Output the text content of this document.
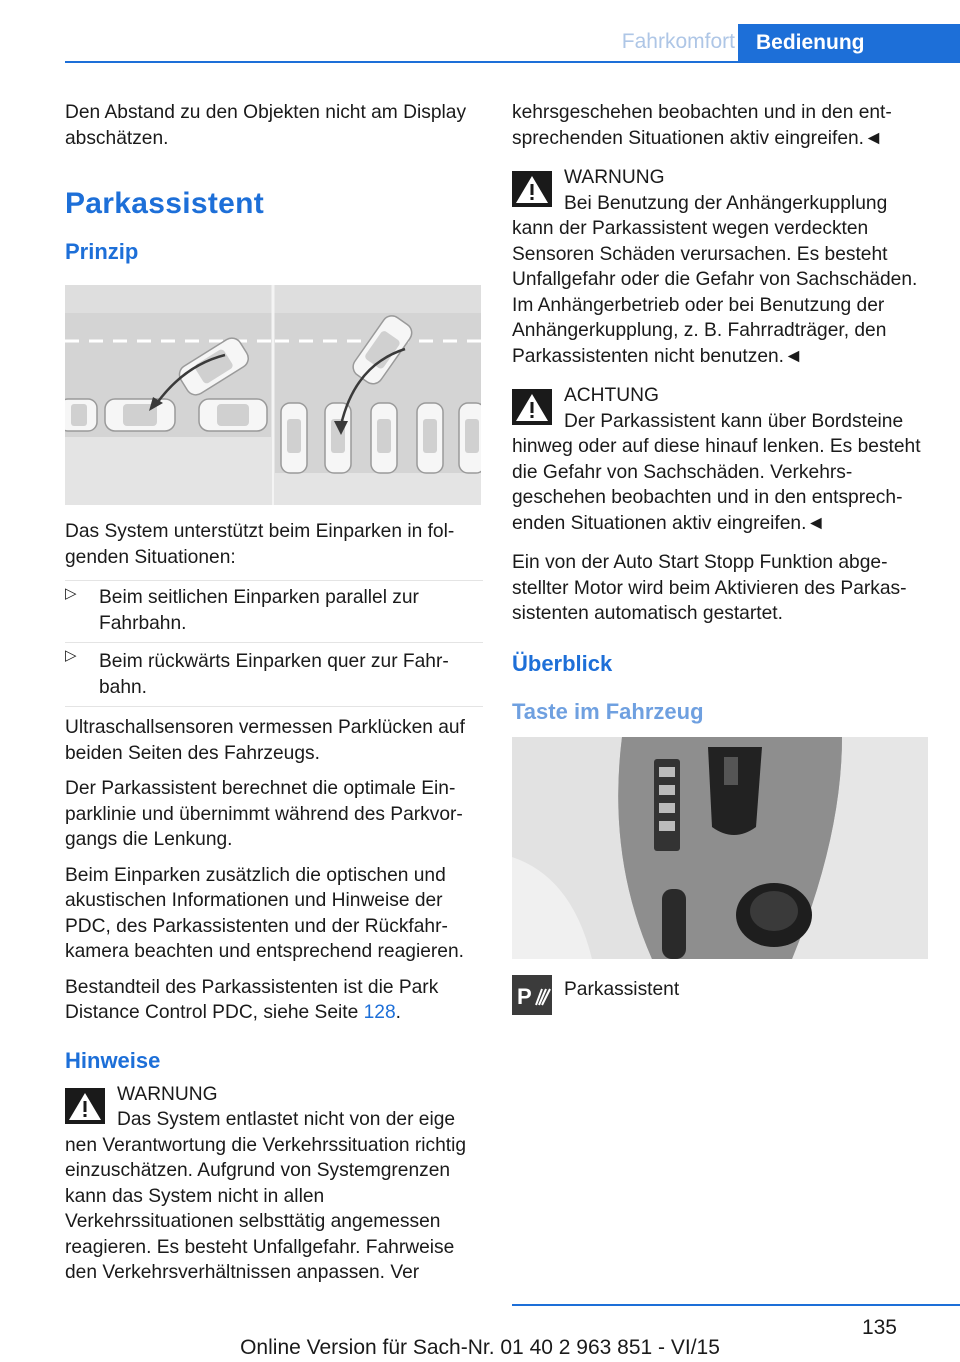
Fahrkomfort	Bedienung

Den Abstand zu den Objekten nicht am Display abschätzen.

Parkassistent
Prinzip

Das System unterstützt beim Einparken in folgenden Situationen:

▷ Beim seitlichen Einparken parallel zur Fahrbahn.
▷ Beim rückwärts Einparken quer zur Fahrbahn.

Ultraschallsensoren vermessen Parklücken auf beiden Seiten des Fahrzeugs.

Der Parkassistent berechnet die optimale Einparklinie und übernimmt während des Parkvorgangs die Lenkung.

Beim Einparken zusätzlich die optischen und akustischen Informationen und Hinweise der PDC, des Parkassistenten und der Rückfahrkamera beachten und entsprechend reagieren.

Bestandteil des Parkassistenten ist die Park Distance Control PDC, siehe Seite 128.

Hinweise
WARNUNG
Das System entlastet nicht von der eige
nen Verantwortung die Verkehrssituation richtig einzuschätzen. Aufgrund von Systemgrenzen kann das System nicht in allen Verkehrssituationen selbsttätig angemessen reagieren. Es besteht Unfallgefahr. Fahrweise den Verkehrsverhältnissen anpassen. Ver

kehrsgeschehen beobachten und in den entsprechenden Situationen aktiv eingreifen.◄

WARNUNG
Bei Benutzung der Anhängerkupplung
kann der Parkassistent wegen verdeckten Sensoren Schäden verursachen. Es besteht Unfallgefahr oder die Gefahr von Sachschäden. Im Anhängerbetrieb oder bei Benutzung der Anhängerkupplung, z. B. Fahrradträger, den Parkassistenten nicht benutzen.◄
ACHTUNG
Der Parkassistent kann über Bordsteine
hinweg oder auf diese hinauf lenken. Es besteht die Gefahr von Sachschäden. Verkehrsgeschehen beobachten und in den entsprechenden Situationen aktiv eingreifen.◄

Ein von der Auto Start Stopp Funktion abgestellter Motor wird beim Aktivieren des Parkassistenten automatisch gestartet.

Überblick
Taste im Fahrzeug
P Parkassistent
135
Online Version für Sach-Nr. 01 40 2 963 851 - VI/15
